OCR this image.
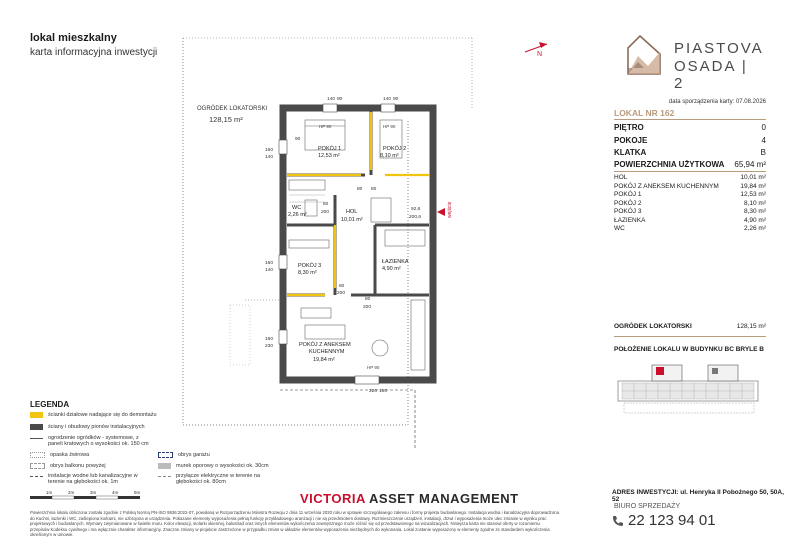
lokal mieszkalny
karta informacyjna inwestycji	PIASTOVA
OSADA | 2
data sporządzenia karty: 07.08.2026
LOKAL NR 162
PIĘTRO	0
POKOJE	4
KLATKA	B
POWIERZCHNIA UŻYTKOWA 65,94 m²
HOL	10,01 m²
POKÓJ Z ANEKSEM KUCHENNYM	19,84 m²
POKÓJ 1	12,53 m²
POKÓJ 2	8,10 m²
POKÓJ 3	8,30 m²
ŁAZIENKA	4,90 m²
WC	2,26 m²
OGRÓDEK LOKATORSKI	128,15 m²
POŁOŻENIE LOKALU W BUDYNKU BC BRYLE B
ADRES INWESTYCJI: ul. Henryka II Pobożnego 50, 50A, 52
BIURO SPRZEDAŻY
22 123 94 01
OGRÓDEK LOKATORSKI
128,15 m²
N
POKÓJ 1
12,53 m²
POKÓJ 2
8,10 m²
WC
2,26 m²	HOL
10,01 m²
POKÓJ 3
8,30 m²
ŁAZIENKA
4,90 m²
POKÓJ Z ANEKSEM
KUCHENNYM
19,84 m²
HP 90	HP 90
HP 90
160
140
160
140
160
230
80
200
80
200
80
200
92,6
200,6
140 90	140 90
220 150
80 80
90
wejście
LEGENDA
ścianki działowe nadające się do demontażu
ściany i obudowy pionów instalacyjnych
ogrodzenie ogródków - systemowe, z paneli kratowych o wysokości ok. 150 cm
opaska żwirowa
obrys balkonu powyżej
instalacje wodne lub kanalizacyjne w terenie na głębokości ok. 1m
obrys garażu
murek oporowy o wysokości ok. 30cm
przyłącze elektryczne w terenie na głębokości ok. 80cm
1m	2m	3m	4m	5m	VICTORIA ASSET MANAGEMENT
Powierzchnia lokalu obliczona została zgodnie z Polską Normą PN-ISO 9836:2022-07, powołaną w Rozporządzeniu Ministra Rozwoju z dnia 11 września 2020 roku w sprawie szczegółowego zakresu i formy projektu budowlanego. Instalacja wodna i kanalizacyjna doprowadzona do Kuchni, łazienki i WC, zaślepiona korkami, nie uzbrojona w urządzenia. Pokazane elementy wyposażenia pełnią funkcję przykładowego aranżacji i nie są przedmiotem dostawy. Rozmieszczenie urządzeń, instalacji, drzwi i wyposażenia może ulec zmianie w wyniku prac projektowych i budowlanych. Wymiary zwymiarowane w świetle muru. Kolor elewacji, stolarki okiennej, balustrad oraz innych elementów wykończenia zewnętrznego może różnić się od przedstawionego na wizualizacjach. Niniejsza karta nie stanowi oferty w rozumieniu przepisów Kodeksu cywilnego i ma wyłącznie charakter informacyjny. Znaczne zmiany w projekcie zastrzeżone w przypadku zmian w układzie elementów wyposażenia niezbędnych do wykonania. Lokal zostanie wyposażony w elementy zgodne ze standardem wykończenia określonym w umowie.
